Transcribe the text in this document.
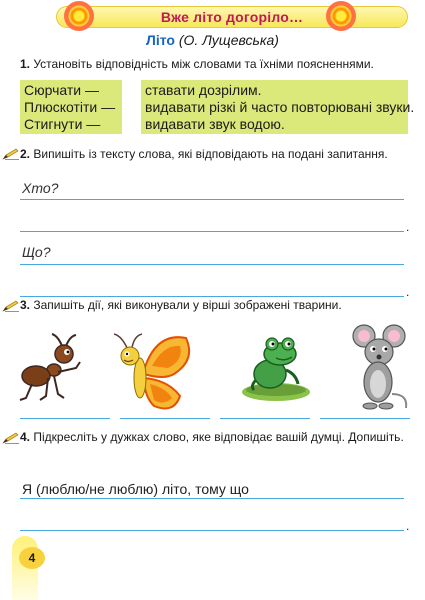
Вже літо догоріло…
Літо (О. Лущевська)
1. Установіть відповідність між словами та їхніми поясненнями.
Сюрчати —
Плюскотіти —
Стигнути —
ставати дозрілим.
видавати різкі й часто повторювані звуки.
видавати звук водою.
2. Випишіть із тексту слова, які відповідають на подані запитання.
Хто?
.
Що?
.
3. Запишіть дії, які виконували у вірші зображені тварини.
4. Підкресліть у дужках слово, яке відповідає вашій думці. Допишіть.
Я (люблю/не люблю) літо, тому що
.
4
